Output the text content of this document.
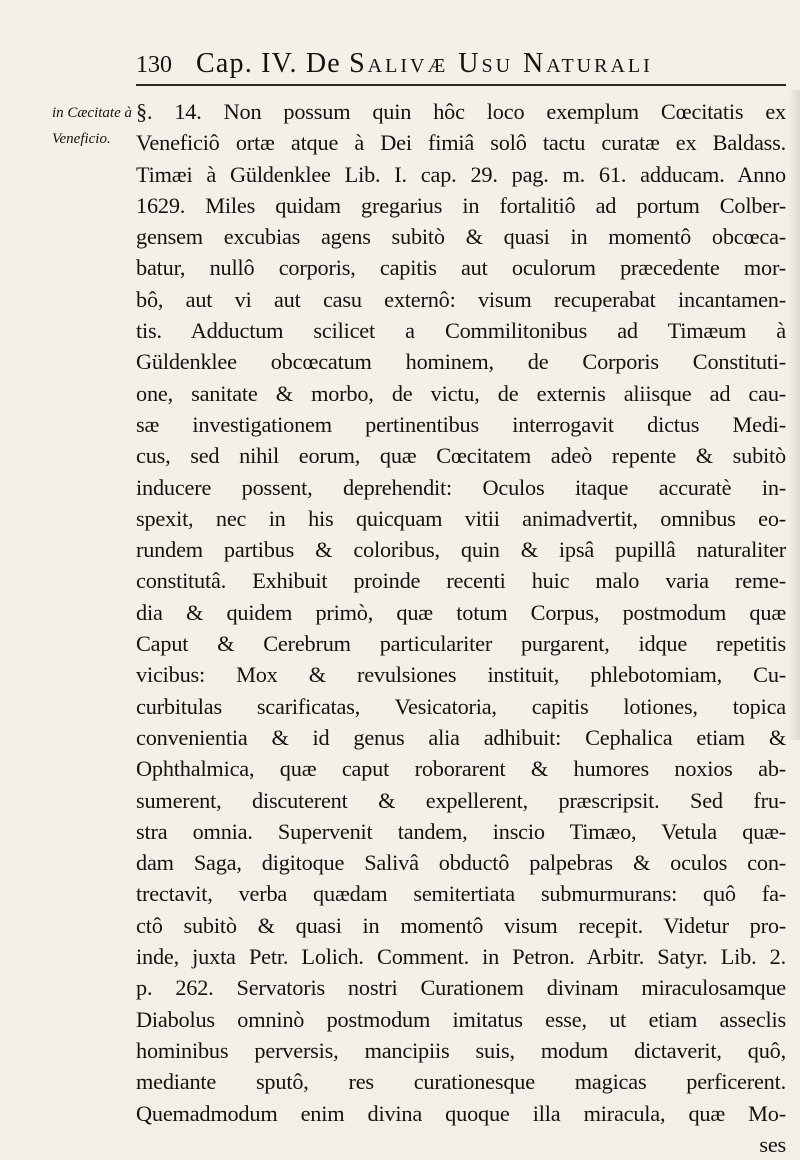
130 Cap. IV. De Salivæ Usu Naturali
in Cæcitate à
Veneficio.
§. 14. Non possum quin hôc loco exemplum Cœcitatis ex
Veneficiô ortæ atque à Dei fimiâ solô tactu curatæ ex Baldass.
Timæi à Güldenklee Lib. I. cap. 29. pag. m. 61. adducam. Anno
1629. Miles quidam gregarius in fortalitiô ad portum Colber-
gensem excubias agens subitò & quasi in momentô obcœca-
batur, nullô corporis, capitis aut oculorum præcedente mor-
bô, aut vi aut casu externô: visum recuperabat incantamen-
tis. Adductum scilicet a Commilitonibus ad Timæum à
Güldenklee obcœcatum hominem, de Corporis Constituti-
one, sanitate & morbo, de victu, de externis aliisque ad cau-
sæ investigationem pertinentibus interrogavit dictus Medi-
cus, sed nihil eorum, quæ Cœcitatem adeò repente & subitò
inducere possent, deprehendit: Oculos itaque accuratè in-
spexit, nec in his quicquam vitii animadvertit, omnibus eo-
rundem partibus & coloribus, quin & ipsâ pupillâ naturaliter
constitutâ. Exhibuit proinde recenti huic malo varia reme-
dia & quidem primò, quæ totum Corpus, postmodum quæ
Caput & Cerebrum particulariter purgarent, idque repetitis
vicibus: Mox & revulsiones instituit, phlebotomiam, Cu-
curbitulas scarificatas, Vesicatoria, capitis lotiones, topica
convenientia & id genus alia adhibuit: Cephalica etiam &
Ophthalmica, quæ caput roborarent & humores noxios ab-
sumerent, discuterent & expellerent, præscripsit. Sed fru-
stra omnia. Supervenit tandem, inscio Timæo, Vetula quæ-
dam Saga, digitoque Salivâ obductô palpebras & oculos con-
trectavit, verba quædam semitertiata submurmurans: quô fa-
ctô subitò & quasi in momentô visum recepit. Videtur pro-
inde, juxta Petr. Lolich. Comment. in Petron. Arbitr. Satyr. Lib. 2.
p. 262. Servatoris nostri Curationem divinam miraculosamque
Diabolus omninò postmodum imitatus esse, ut etiam asseclis
hominibus perversis, mancipiis suis, modum dictaverit, quô,
mediante sputô, res curationesque magicas perficerent.
Quemadmodum enim divina quoque illa miracula, quæ Mo-
ses
